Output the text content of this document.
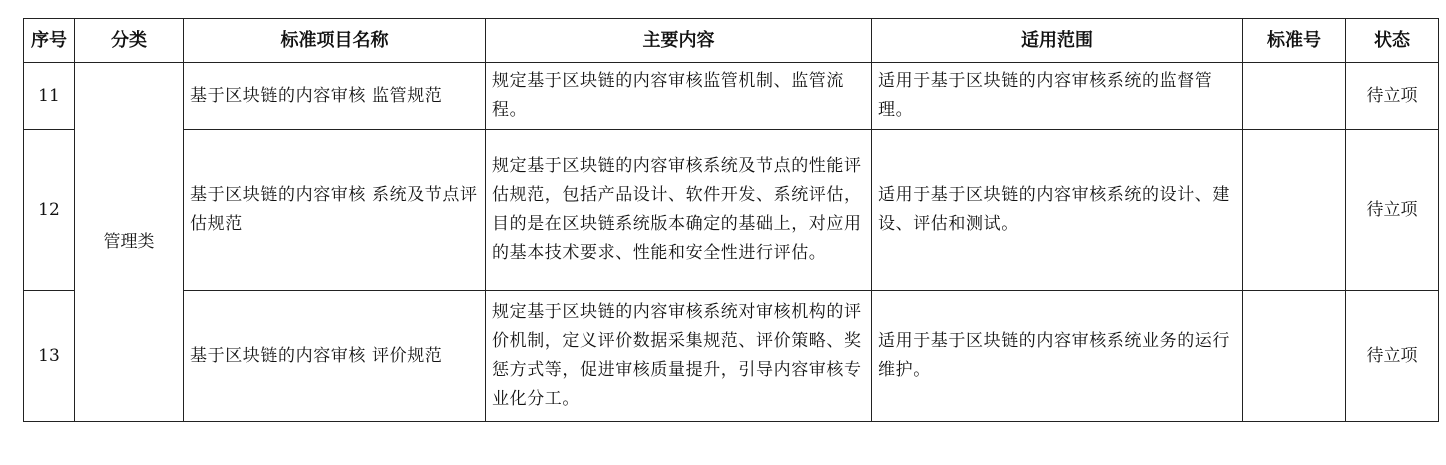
序号	分类	标准项目名称	主要内容	适用范围	标准号	状态
11	管理类	基于区块链的内容审核 监管规范	规定基于区块链的内容审核监管机制、监管流程。	适用于基于区块链的内容审核系统的监督管理。		待立项
12		基于区块链的内容审核 系统及节点评估规范	规定基于区块链的内容审核系统及节点的性能评估规范，包括产品设计、软件开发、系统评估，目的是在区块链系统版本确定的基础上，对应用的基本技术要求、性能和安全性进行评估。	适用于基于区块链的内容审核系统的设计、建设、评估和测试。		待立项
13		基于区块链的内容审核 评价规范	规定基于区块链的内容审核系统对审核机构的评价机制，定义评价数据采集规范、评价策略、奖惩方式等，促进审核质量提升，引导内容审核专业化分工。	适用于基于区块链的内容审核系统业务的运行维护。		待立项
